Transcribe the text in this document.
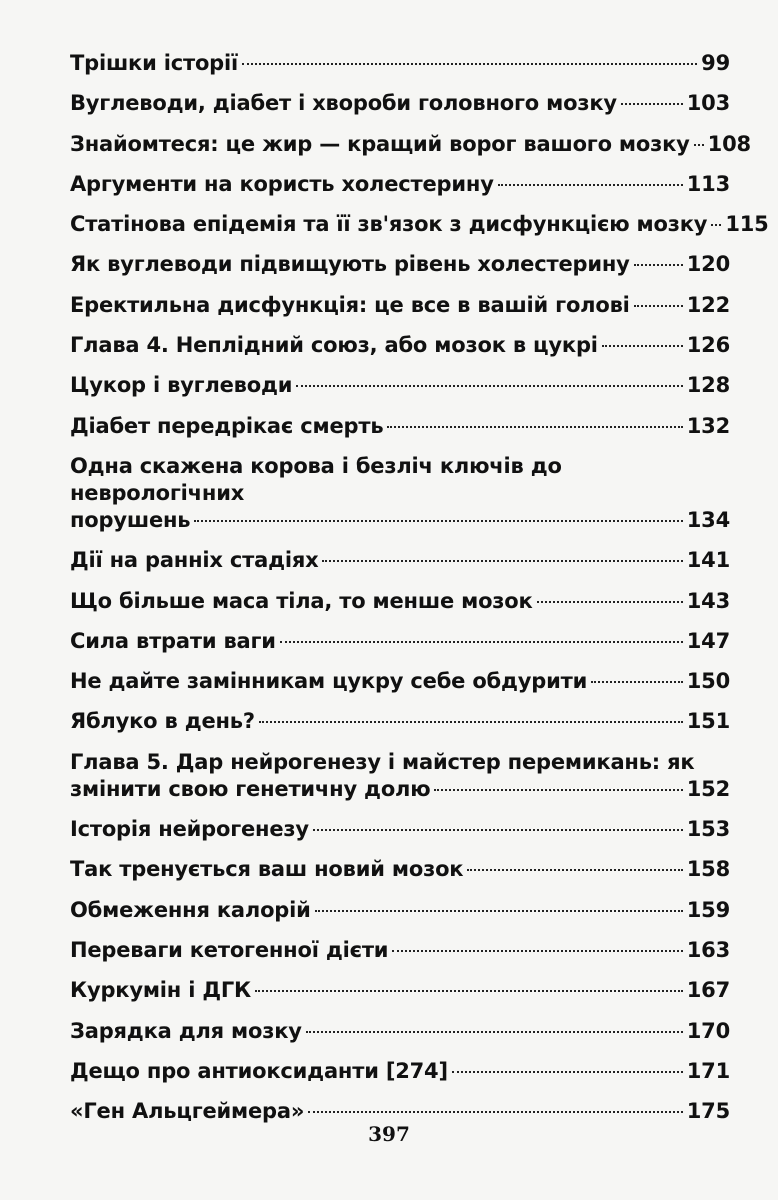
Трішки історії	99
Вуглеводи, діабет і хвороби головного мозку	103
Знайомтеся: це жир — кращий ворог вашого мозку 108
Аргументи на користь холестерину	113
Статінова епідемія та її зв'язок з дисфункцією мозку 115
Як вуглеводи підвищують рівень холестерину	120
Еректильна дисфункція: це все в вашій голові	122
Глава 4. Неплідний союз, або мозок в цукрі	126
Цукор і вуглеводи	128
Діабет передрікає смерть	132
Одна скажена корова і безліч ключів до неврологічних
порушень	134
Дії на ранніх стадіях	141
Що більше маса тіла, то менше мозок	143
Сила втрати ваги	147
Не дайте замінникам цукру себе обдурити	150
Яблуко в день?	151
Глава 5. Дар нейрогенезу і майстер перемикань: як
змінити свою генетичну долю	152
Історія нейрогенезу	153
Так тренується ваш новий мозок	158
Обмеження калорій	159
Переваги кетогенної дієти	163
Куркумін і ДГК	167
Зарядка для мозку	170
Дещо про антиоксиданти [274]	171
«Ген Альцгеймера»	175
397
